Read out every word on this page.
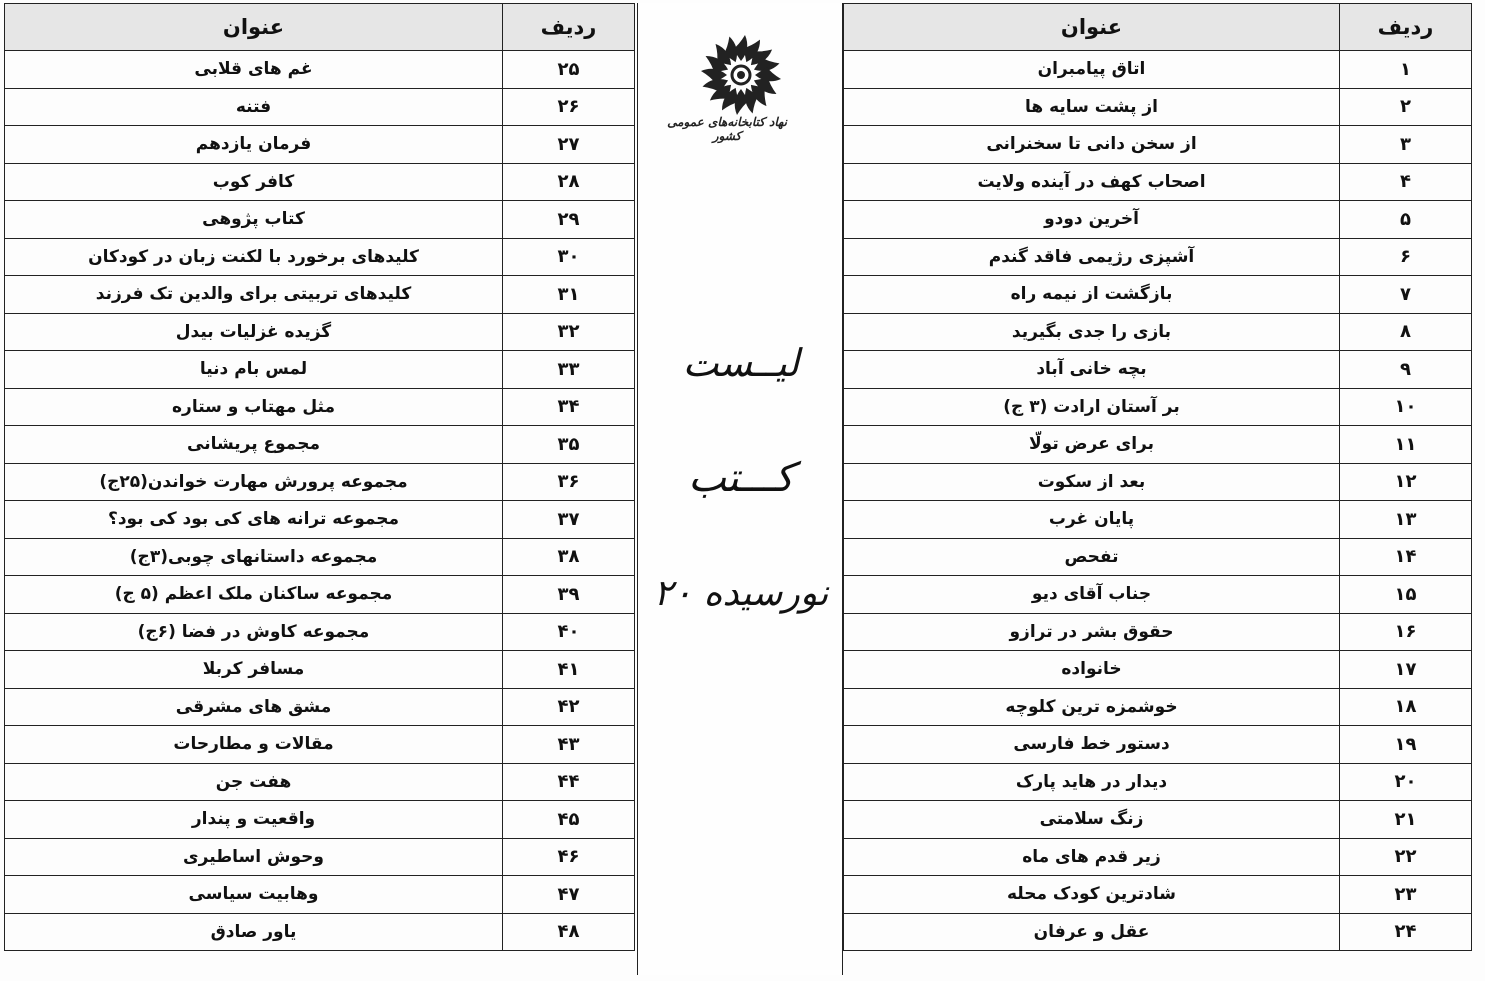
ردیف	عنوان
۱	اتاق پیامبران
۲	از پشت سایه ها
۳	از سخن دانی تا سخنرانی
۴	اصحاب کهف در آینده ولایت
۵	آخرین دودو
۶	آشپزی رژیمی فاقد گندم
۷	بازگشت از نیمه راه
۸	بازی را جدی بگیرید
۹	بچه خانی آباد
۱۰	بر آستان ارادت (۳ ج)
۱۱	برای عرض تولّا
۱۲	بعد از سکوت
۱۳	پایان غرب
۱۴	تفحص
۱۵	جناب آقای دیو
۱۶	حقوق بشر در ترازو
۱۷	خانواده
۱۸	خوشمزه ترین کلوچه
۱۹	دستور خط فارسی
۲۰	دیدار در هاید پارک
۲۱	زنگ سلامتی
۲۲	زیر قدم های ماه
۲۳	شادترین کودک محله
۲۴	عقل و عرفان
نهاد کتابخانه‌های عمومی کشور
لیــست
کـــتب
نورسیده ۲۰
ردیف	عنوان
۲۵	غم های قلابی
۲۶	فتنه
۲۷	فرمان یازدهم
۲۸	کافر کوب
۲۹	کتاب پژوهی
۳۰	کلیدهای برخورد با لکنت زبان در کودکان
۳۱	کلیدهای تربیتی برای والدین تک فرزند
۳۲	گزیده غزلیات بیدل
۳۳	لمس بام دنیا
۳۴	مثل مهتاب و ستاره
۳۵	مجموع پریشانی
۳۶	مجموعه پرورش مهارت خواندن(۲۵ج)
۳۷	مجموعه ترانه های کی بود کی بود؟
۳۸	مجموعه داستانهای چوبی(۳ج)
۳۹	مجموعه ساکنان ملک اعظم (۵ ج)
۴۰	مجموعه کاوش در فضا (۶ج)
۴۱	مسافر کربلا
۴۲	مشق های مشرقی
۴۳	مقالات و مطارحات
۴۴	هفت جن
۴۵	واقعیت و پندار
۴۶	وحوش اساطیری
۴۷	وهابیت سیاسی
۴۸	یاور صادق
